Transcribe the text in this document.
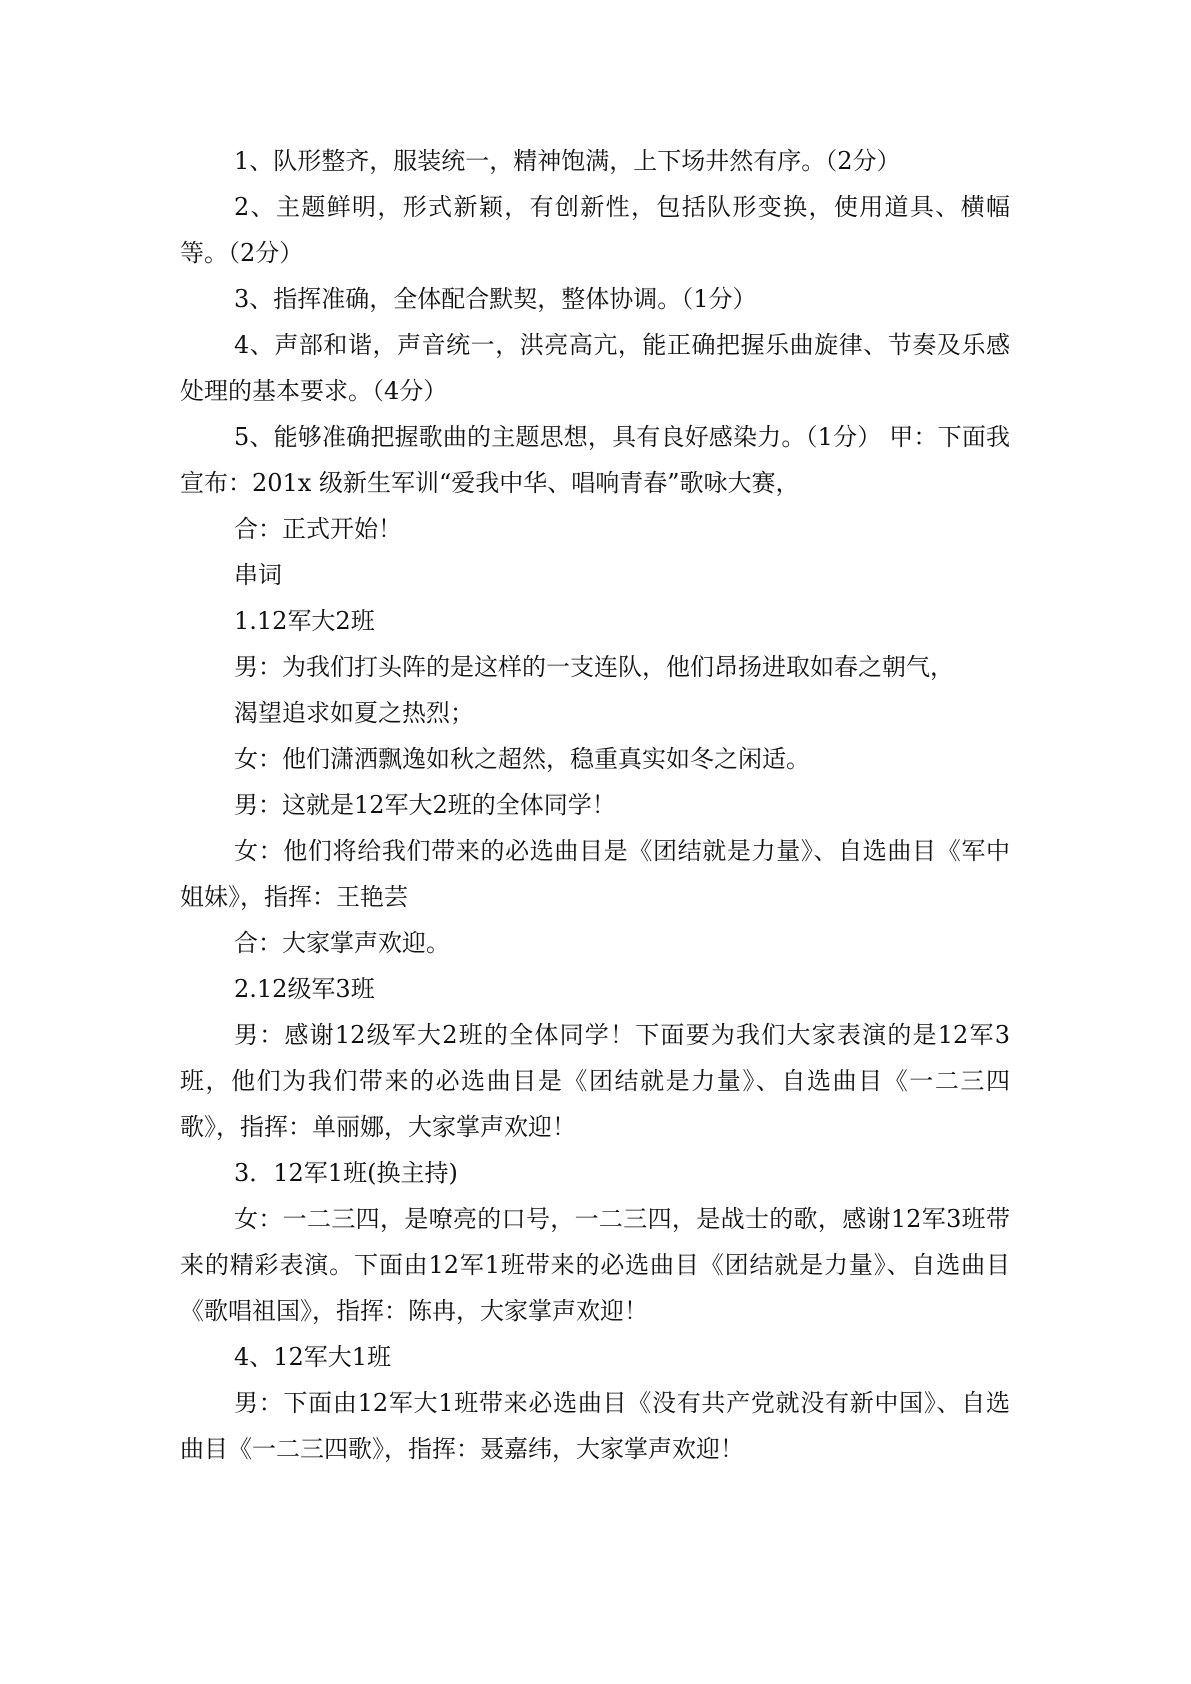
1、队形整齐，服装统一，精神饱满，上下场井然有序。（2分）

2、主题鲜明，形式新颖，有创新性，包括队形变换，使用道具、横幅等。（2分）

3、指挥准确，全体配合默契，整体协调。（1分）

4、声部和谐，声音统一，洪亮高亢，能正确把握乐曲旋律、节奏及乐感处理的基本要求。（4分）

5、能够准确把握歌曲的主题思想，具有良好感染力。（1分） 甲：下面我宣布：201x 级新生军训“爱我中华、唱响青春”歌咏大赛，

合：正式开始！

串词

1.12军大2班

男：为我们打头阵的是这样的一支连队，他们昂扬进取如春之朝气，

渴望追求如夏之热烈；

女：他们潇洒飘逸如秋之超然，稳重真实如冬之闲适。

男：这就是12军大2班的全体同学！

女：他们将给我们带来的必选曲目是《团结就是力量》、自选曲目《军中姐妹》，指挥：王艳芸

合：大家掌声欢迎。

2.12级军3班

男：感谢12级军大2班的全体同学！下面要为我们大家表演的是12军3班，他们为我们带来的必选曲目是《团结就是力量》、自选曲目《一二三四歌》，指挥：单丽娜，大家掌声欢迎！

3．12军1班(换主持)

女：一二三四，是嘹亮的口号，一二三四，是战士的歌，感谢12军3班带来的精彩表演。下面由12军1班带来的必选曲目《团结就是力量》、自选曲目《歌唱祖国》，指挥：陈冉，大家掌声欢迎！

4、12军大1班

男：下面由12军大1班带来必选曲目《没有共产党就没有新中国》、自选曲目《一二三四歌》，指挥：聂嘉纬，大家掌声欢迎！
